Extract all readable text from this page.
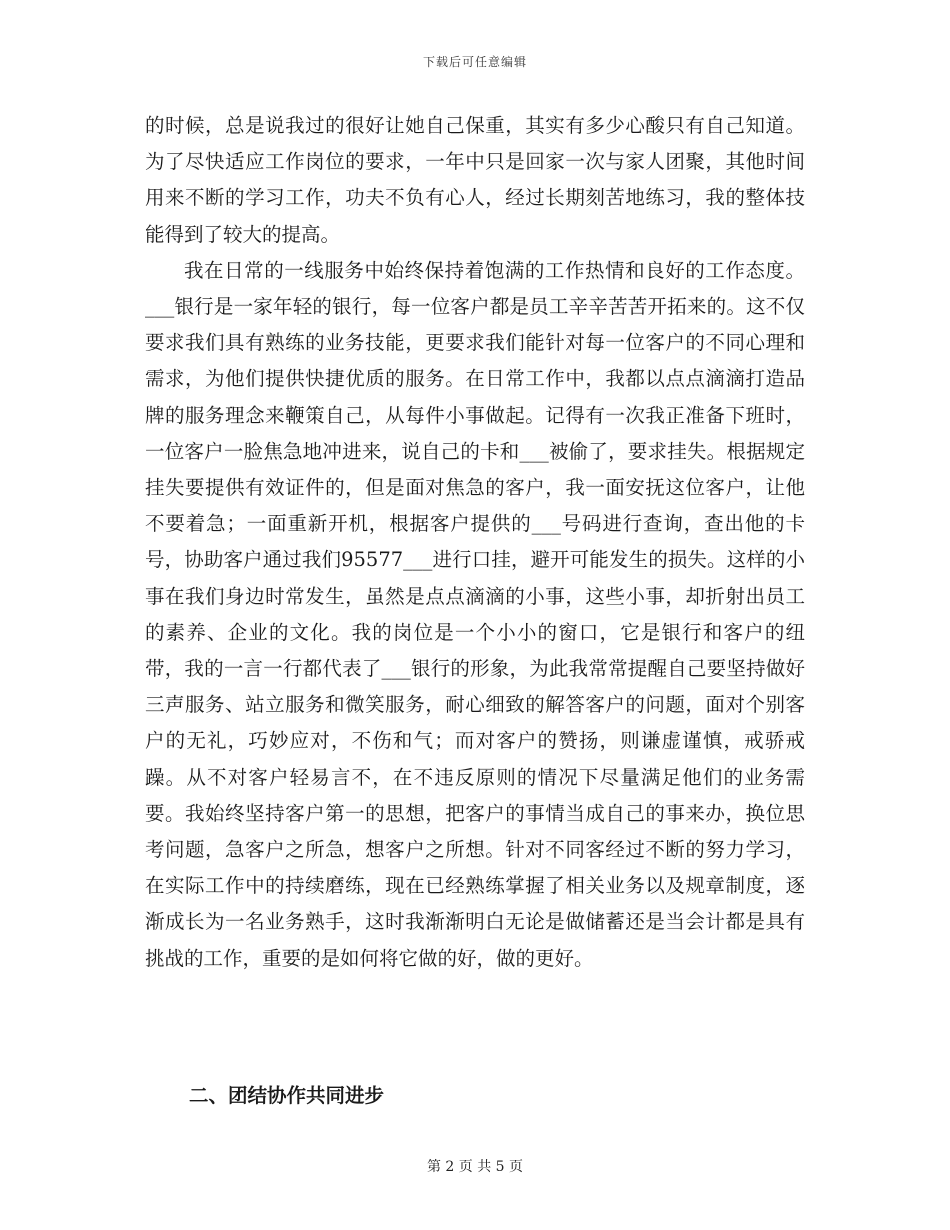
下载后可任意编辑

的时候，总是说我过的很好让她自己保重，其实有多少心酸只有自己知道。为了尽快适应工作岗位的要求，一年中只是回家一次与家人团聚，其他时间用来不断的学习工作，功夫不负有心人，经过长期刻苦地练习，我的整体技能得到了较大的提高。

我在日常的一线服务中始终保持着饱满的工作热情和良好的工作态度。___银行是一家年轻的银行，每一位客户都是员工辛辛苦苦开拓来的。这不仅要求我们具有熟练的业务技能，更要求我们能针对每一位客户的不同心理和需求，为他们提供快捷优质的服务。在日常工作中，我都以点点滴滴打造品牌的服务理念来鞭策自己，从每件小事做起。记得有一次我正准备下班时，一位客户一脸焦急地冲进来，说自己的卡和___被偷了，要求挂失。根据规定挂失要提供有效证件的，但是面对焦急的客户，我一面安抚这位客户，让他不要着急；一面重新开机，根据客户提供的___号码进行查询，查出他的卡号，协助客户通过我们95577___进行口挂，避开可能发生的损失。这样的小事在我们身边时常发生，虽然是点点滴滴的小事，这些小事，却折射出员工的素养、企业的文化。我的岗位是一个小小的窗口，它是银行和客户的纽带，我的一言一行都代表了___银行的形象，为此我常常提醒自己要坚持做好三声服务、站立服务和微笑服务，耐心细致的解答客户的问题，面对个别客户的无礼，巧妙应对，不伤和气；而对客户的赞扬，则谦虚谨慎，戒骄戒躁。从不对客户轻易言不，在不违反原则的情况下尽量满足他们的业务需要。我始终坚持客户第一的思想，把客户的事情当成自己的事来办，换位思考问题，急客户之所急，想客户之所想。针对不同客经过不断的努力学习，在实际工作中的持续磨练，现在已经熟练掌握了相关业务以及规章制度，逐渐成长为一名业务熟手，这时我渐渐明白无论是做储蓄还是当会计都是具有挑战的工作，重要的是如何将它做的好，做的更好。

二、团结协作共同进步
第 2 页 共 5 页
